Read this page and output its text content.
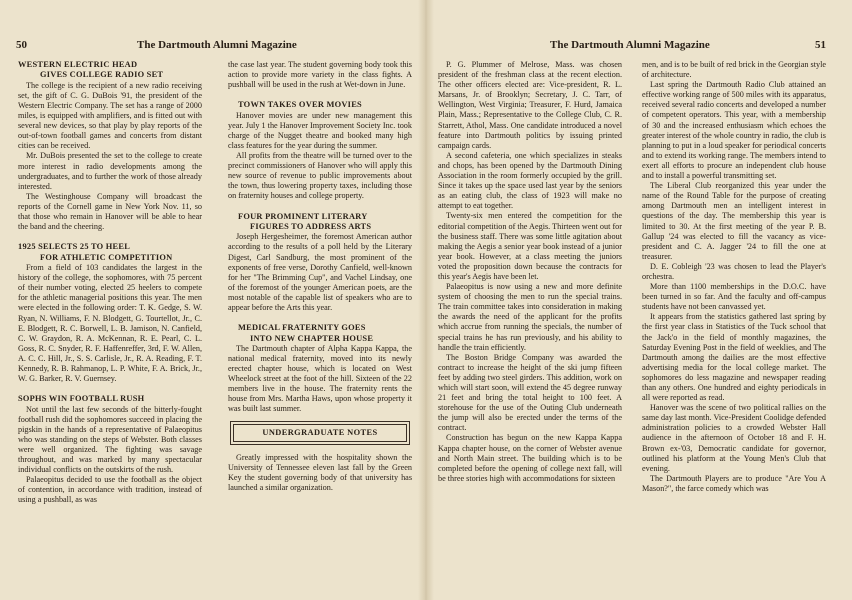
50	The Dartmouth Alumni Magazine
WESTERN ELECTRIC HEAD
GIVES COLLEGE RADIO SET

The college is the recipient of a new radio receiving set, the gift of C. G. DuBois '91, the president of the Western Electric Company. The set has a range of 2000 miles, is equipped with amplifiers, and is fitted out with several new devices, so that play by play reports of the out-of-town football games and concerts from distant cities can be received.

Mr. DuBois presented the set to the college to create more interest in radio developments among the undergraduates, and to further the work of those already interested.

The Westinghouse Company will broadcast the reports of the Cornell game in New York Nov. 11, so that those who remain in Hanover will be able to hear the band and the cheering.

1925 SELECTS 25 TO HEEL
FOR ATHLETIC COMPETITION

From a field of 103 candidates the largest in the history of the college, the sophomores, with 75 percent of their number voting, elected 25 heelers to compete for the athletic managerial positions this year. The men were elected in the following order: T. K. Gedge, S. W. Ryan, N. Williams, F. N. Blodgett, G. Tourtellot, Jr., C. E. Blodgett, R. C. Borwell, L. B. Jamison, N. Canfield, C. W. Graydon, R. A. McKennan, R. E. Pearl, C. L. Goss, R. C. Snyder, R. F. Haffenreffer, 3rd, F. W. Allen, A. C. C. Hill, Jr., S. S. Carlisle, Jr., R. A. Reading, F. T. Kennedy, R. B. Rahmanop, L. P. White, F. A. Brick, Jr., W. G. Barker, R. V. Guernsey.

SOPHS WIN FOOTBALL RUSH

Not until the last few seconds of the bitterly-fought football rush did the sophomores succeed in placing the pigskin in the hands of a representative of Palaeopitus who was standing on the steps of Webster. Both classes were well organized. The fighting was savage throughout, and was marked by many spectacular individual conflicts on the outskirts of the rush.

Palaeopitus decided to use the football as the object of contention, in accordance with tradition, instead of using a pushball, as was

the case last year. The student governing body took this action to provide more variety in the class fights. A pushball will be used in the rush at Wet-down in June.

TOWN TAKES OVER MOVIES

Hanover movies are under new management this year. July 1 the Hanover Improvement Society Inc. took charge of the Nugget theatre and booked many high class features for the year during the summer.

All profits from the theatre will be turned over to the precinct commissioners of Hanover who will apply this new source of revenue to public improvements about the town, thus lowering property taxes, including those on fraternity houses and college property.

FOUR PROMINENT LITERARY
FIGURES TO ADDRESS ARTS

Joseph Hergesheimer, the foremost American author according to the results of a poll held by the Literary Digest, Carl Sandburg, the most prominent of the exponents of free verse, Dorothy Canfield, well-known for her "The Brimming Cup", and Vachel Lindsay, one of the foremost of the younger American poets, are the most notable of the capable list of speakers who are to appear before the Arts this year.

MEDICAL FRATERNITY GOES
INTO NEW CHAPTER HOUSE

The Dartmouth chapter of Alpha Kappa Kappa, the national medical fraternity, moved into its newly erected chapter house, which is located on West Wheelock street at the foot of the hill. Sixteen of the 22 members live in the house. The fraternity rents the house from Mrs. Martha Haws, upon whose property it was built last summer.

UNDERGRADUATE NOTES

Greatly impressed with the hospitality shown the University of Tennessee eleven last fall by the Green Key the student governing body of that university has launched a similar organization.

The Dartmouth Alumni Magazine	51

P. G. Plummer of Melrose, Mass. was chosen president of the freshman class at the recent election. The other officers elected are: Vice-president, R. L. Marsans, Jr. of Brooklyn; Secretary, J. C. Tarr, of Wellington, West Virginia; Treasurer, F. Hurd, Jamaica Plain, Mass.; Representative to the College Club, C. R. Starrett, Athol, Mass. One candidate introduced a novel feature into Dartmouth politics by issuing printed campaign cards.

A second cafeteria, one which specializes in steaks and chops, has been opened by the Dartmouth Dining Association in the room formerly occupied by the grill. Since it takes up the space used last year by the seniors as an eating club, the class of 1923 will make no attempt to eat together.

Twenty-six men entered the competition for the editorial competition of the Aegis. Thirteen went out for the business staff. There was some little agitation about making the Aegis a senior year book instead of a junior year book. However, at a class meeting the juniors voted the proposition down because the contracts for this year's Aegis have been let.

Palaeopitus is now using a new and more definite system of choosing the men to run the special trains. The train committee takes into consideration in making the awards the need of the applicant for the profits which accrue from running the specials, the number of special trains he has run previously, and his ability to handle the train efficiently.

The Boston Bridge Company was awarded the contract to increase the height of the ski jump fifteen feet by adding two steel girders. This addition, work on which will start soon, will extend the 45 degree runway 21 feet and bring the total height to 100 feet. A storehouse for the use of the Outing Club underneath the jump will also be erected under the terms of the contract.

Construction has begun on the new Kappa Kappa Kappa chapter house, on the corner of Webster avenue and North Main street. The building which is to be completed before the opening of college next fall, will be three stories high with accommodations for sixteen

men, and is to be built of red brick in the Georgian style of architecture.

Last spring the Dartmouth Radio Club attained an effective working range of 500 miles with its apparatus, received several radio concerts and developed a number of competent operators. This year, with a membership of 30 and the increased enthusiasm which echoes the greater interest of the whole country in radio, the club is planning to put in a loud speaker for periodical concerts and to extend its working range. The members intend to exert all efforts to procure an independent club house and to install a powerful transmitting set.

The Liberal Club reorganized this year under the name of the Round Table for the purpose of creating among Dartmouth men an intelligent interest in questions of the day. The membership this year is limited to 30. At the first meeting of the year P. B. Gallup '24 was elected to fill the vacancy as vice-president and C. A. Jagger '24 to fill the one at treasurer.

D. E. Cobleigh '23 was chosen to lead the Player's orchestra.

More than 1100 memberships in the D.O.C. have been turned in so far. And the faculty and off-campus students have not been canvassed yet.

It appears from the statistics gathered last spring by the first year class in Statistics of the Tuck school that the Jack'o in the field of monthly magazines, the Saturday Evening Post in the field of weeklies, and The Dartmouth among the dailies are the most effective advertising media for the local college market. The sophomores do less magazine and newspaper reading than any others. One hundred and eighty periodicals in all were reported as read.

Hanover was the scene of two political rallies on the same day last month. Vice-President Coolidge defended administration policies to a crowded Webster Hall audience in the afternoon of October 18 and F. H. Brown ex-'03, Democratic candidate for governor, outlined his platform at the Young Men's Club that evening.

The Dartmouth Players are to produce "Are You A Mason?", the farce comedy which was
